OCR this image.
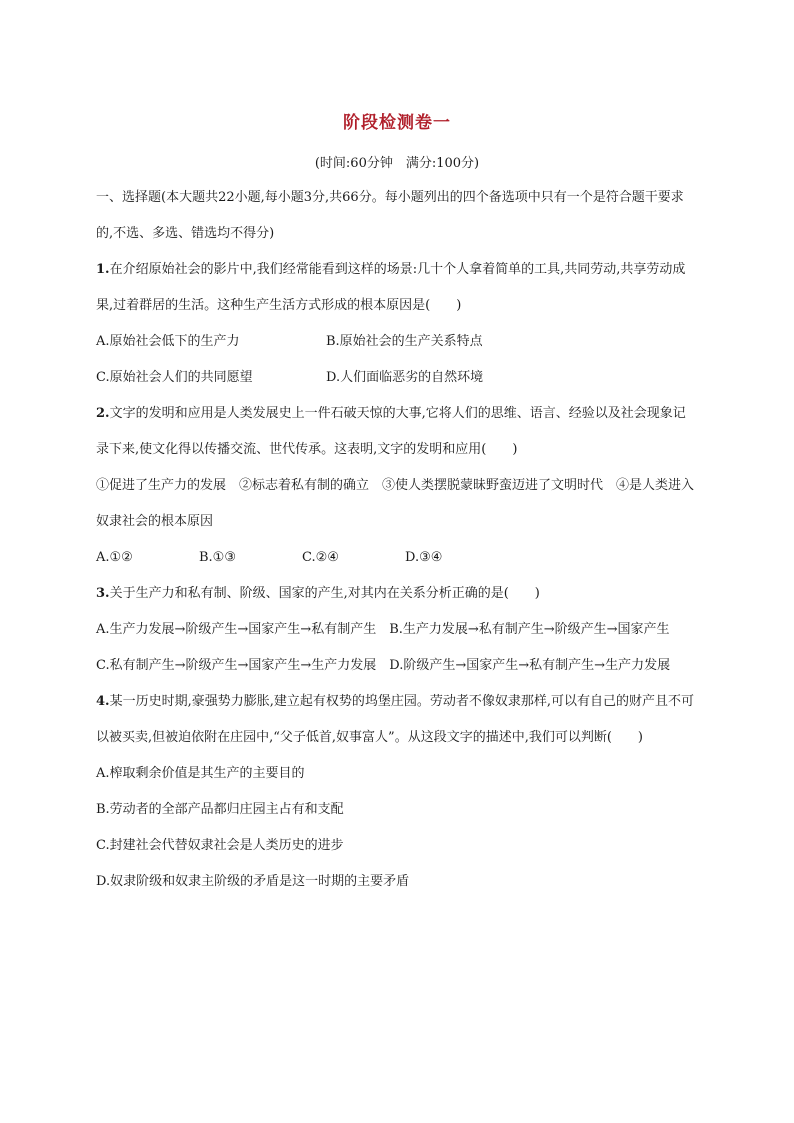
阶段检测卷一
(时间:60分钟　满分:100分)

一、选择题(本大题共22小题,每小题3分,共66分。每小题列出的四个备选项中只有一个是符合题干要求的,不选、多选、错选均不得分)

1.在介绍原始社会的影片中,我们经常能看到这样的场景:几十个人拿着简单的工具,共同劳动,共享劳动成果,过着群居的生活。这种生产生活方式形成的根本原因是(　　)

A.原始社会低下的生产力	B.原始社会的生产关系特点
C.原始社会人们的共同愿望	D.人们面临恶劣的自然环境

2.文字的发明和应用是人类发展史上一件石破天惊的大事,它将人们的思维、语言、经验以及社会现象记录下来,使文化得以传播交流、世代传承。这表明,文字的发明和应用(　　)

①促进了生产力的发展　②标志着私有制的确立　③使人类摆脱蒙昧野蛮迈进了文明时代　④是人类进入奴隶社会的根本原因

A.①②	B.①③	C.②④	D.③④

3.关于生产力和私有制、阶级、国家的产生,对其内在关系分析正确的是(　　)

A.生产力发展→阶级产生→国家产生→私有制产生　B.生产力发展→私有制产生→阶级产生→国家产生

C.私有制产生→阶级产生→国家产生→生产力发展　D.阶级产生→国家产生→私有制产生→生产力发展

4.某一历史时期,豪强势力膨胀,建立起有权势的坞堡庄园。劳动者不像奴隶那样,可以有自己的财产且不可以被买卖,但被迫依附在庄园中,“父子低首,奴事富人”。从这段文字的描述中,我们可以判断(　　)

A.榨取剩余价值是其生产的主要目的

B.劳动者的全部产品都归庄园主占有和支配

C.封建社会代替奴隶社会是人类历史的进步

D.奴隶阶级和奴隶主阶级的矛盾是这一时期的主要矛盾
